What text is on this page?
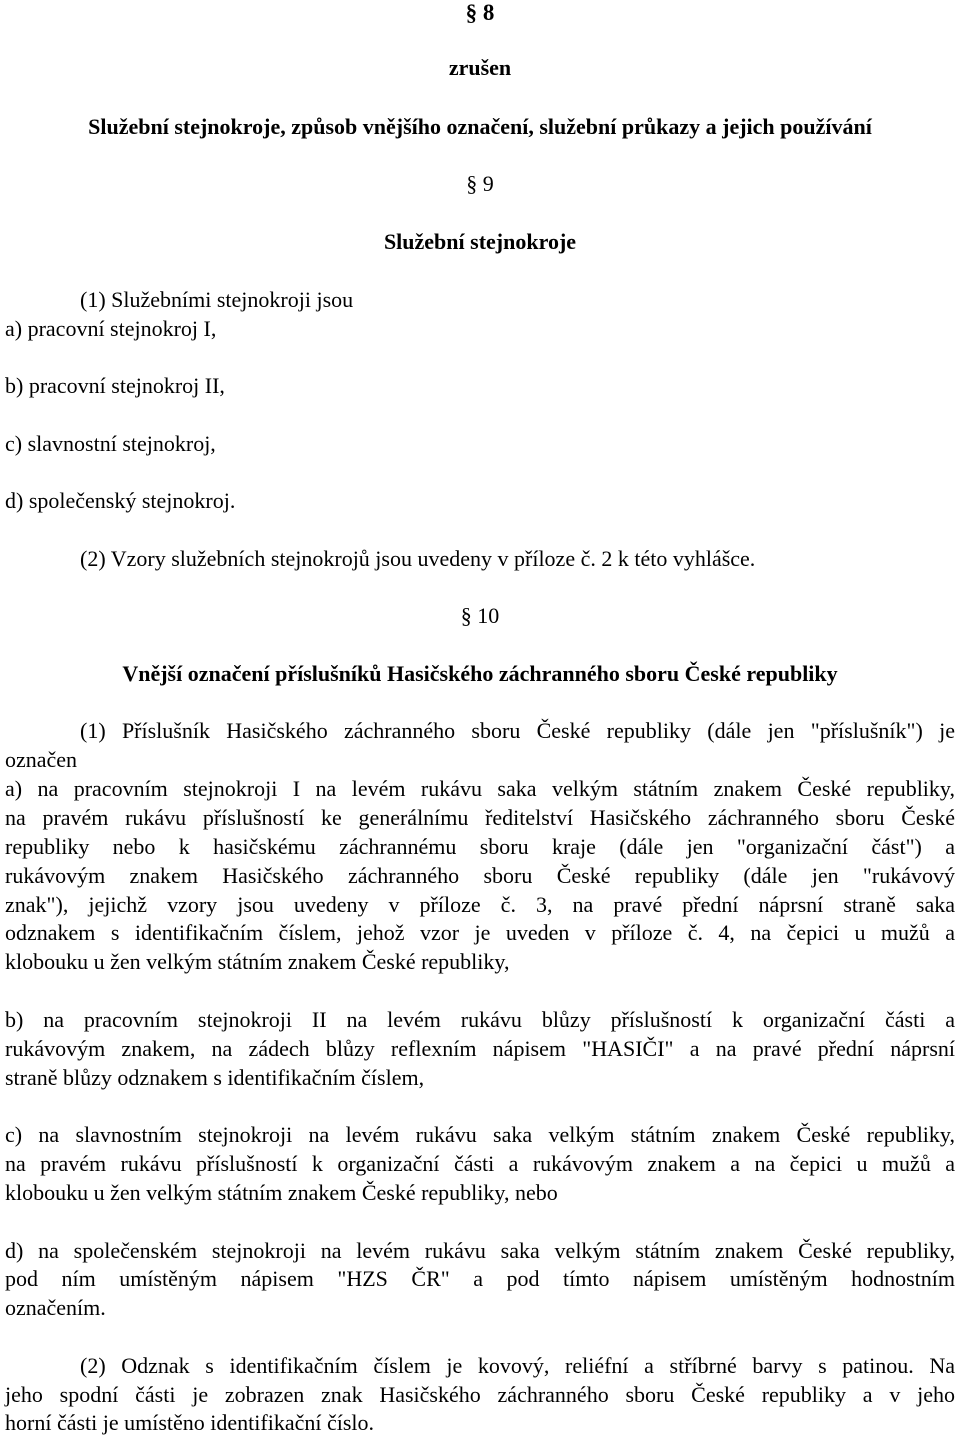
§ 8
zrušen
Služební stejnokroje, způsob vnějšího označení, služební průkazy a jejich používání
§ 9
Služební stejnokroje
(1) Služebními stejnokroji jsou
a) pracovní stejnokroj I,
b) pracovní stejnokroj II,
c) slavnostní stejnokroj,
d) společenský stejnokroj.
(2) Vzory služebních stejnokrojů jsou uvedeny v příloze č. 2 k této vyhlášce.
§ 10
Vnější označení příslušníků Hasičského záchranného sboru České republiky
(1) Příslušník Hasičského záchranného sboru České republiky (dále jen "příslušník") je
označen
a) na pracovním stejnokroji I na levém rukávu saka velkým státním znakem České republiky,
na pravém rukávu příslušností ke generálnímu ředitelství Hasičského záchranného sboru České
republiky nebo k hasičskému záchrannému sboru kraje (dále jen "organizační část") a
rukávovým znakem Hasičského záchranného sboru České republiky (dále jen "rukávový
znak"), jejichž vzory jsou uvedeny v příloze č. 3, na pravé přední náprsní straně saka
odznakem s identifikačním číslem, jehož vzor je uveden v příloze č. 4, na čepici u mužů a
klobouku u žen velkým státním znakem České republiky,
b) na pracovním stejnokroji II na levém rukávu blůzy příslušností k organizační části a
rukávovým znakem, na zádech blůzy reflexním nápisem "HASIČI" a na pravé přední náprsní
straně blůzy odznakem s identifikačním číslem,
c) na slavnostním stejnokroji na levém rukávu saka velkým státním znakem České republiky,
na pravém rukávu příslušností k organizační části a rukávovým znakem a na čepici u mužů a
klobouku u žen velkým státním znakem České republiky, nebo
d) na společenském stejnokroji na levém rukávu saka velkým státním znakem České republiky,
pod ním umístěným nápisem "HZS ČR" a pod tímto nápisem umístěným hodnostním
označením.
(2) Odznak s identifikačním číslem je kovový, reliéfní a stříbrné barvy s patinou. Na
jeho spodní části je zobrazen znak Hasičského záchranného sboru České republiky a v jeho
horní části je umístěno identifikační číslo.
